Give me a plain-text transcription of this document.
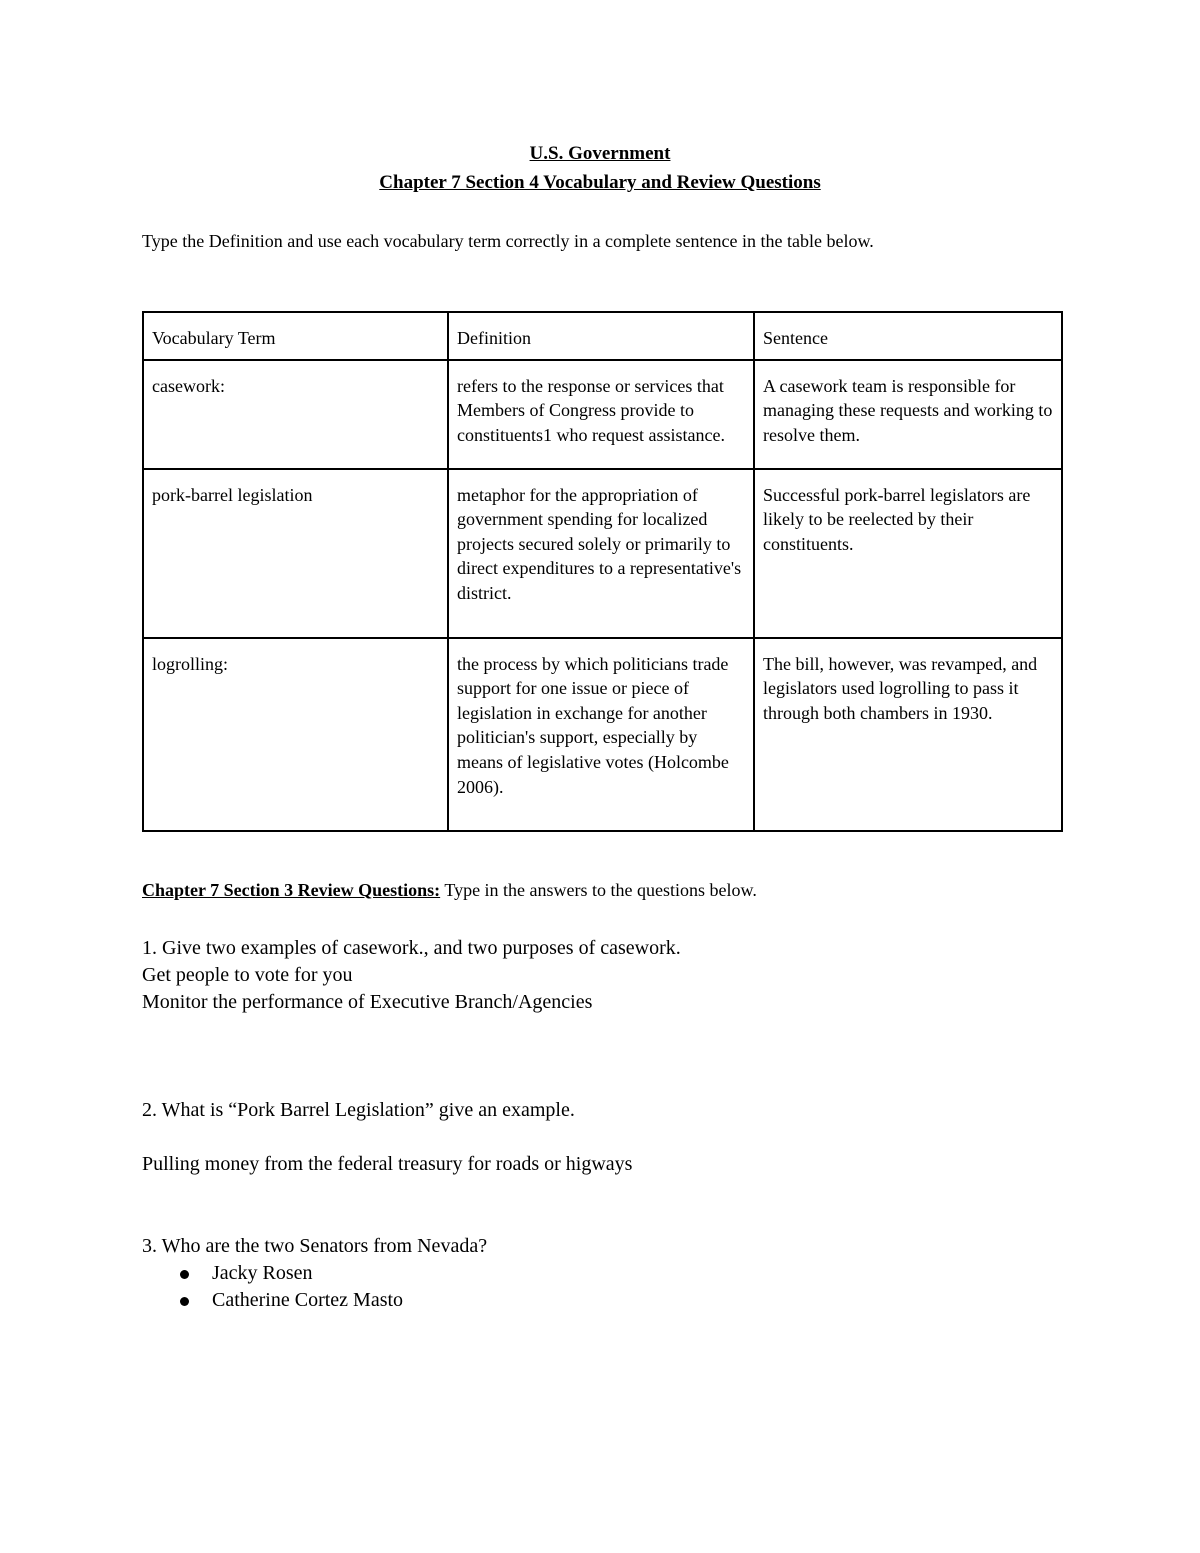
U.S. Government
Chapter 7 Section 4 Vocabulary and Review Questions
Type the Definition and use each vocabulary term correctly in a complete sentence in the table below.
Vocabulary Term	Definition	Sentence
casework:	refers to the response or services that Members of Congress provide to constituents1 who request assistance.	A casework team is responsible for managing these requests and working to resolve them.
pork-barrel legislation	metaphor for the appropriation of government spending for localized projects secured solely or primarily to direct expenditures to a representative's district.	Successful pork-barrel legislators are likely to be reelected by their constituents.
logrolling:	the process by which politicians trade support for one issue or piece of legislation in exchange for another politician's support, especially by means of legislative votes (Holcombe 2006).	The bill, however, was revamped, and legislators used logrolling to pass it through both chambers in 1930.
Chapter 7 Section 3 Review Questions: Type in the answers to the questions below.
1. Give two examples of casework., and two purposes of casework.
Get people to vote for you
Monitor the performance of Executive Branch/Agencies
2. What is “Pork Barrel Legislation” give an example.
Pulling money from the federal treasury for roads or higways
3. Who are the two Senators from Nevada?
Jacky Rosen
Catherine Cortez Masto
